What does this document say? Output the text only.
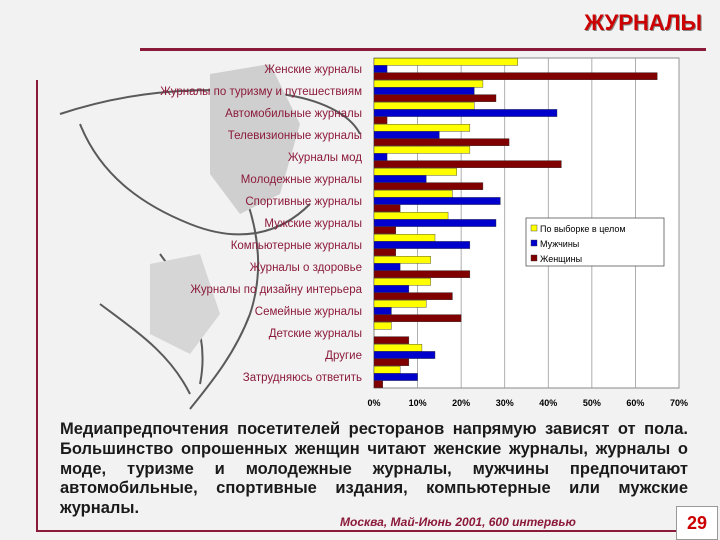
ЖУРНАЛЫ
Женские журналы
Журналы по туризму и путешествиям
Автомобильные журналы
Телевизионные журналы
Журналы мод
Молодежные журналы
Спортивные журналы
Мужские журналы
Компьютерные журналы
Журналы о здоровье
Журналы по дизайну интерьера
Семейные журналы
Детские журналы
Другие
Затрудняюсь ответить
0%	10%	20%	30%	40%	50%	60%	70%
По выборке в целом
Мужчины
Женщины
Медиапредпочтения посетителей ресторанов напрямую зависят от пола. Большинство опрошенных женщин читают женские журналы, журналы о моде, туризме и молодежные журналы, мужчины предпочитают автомобильные, спортивные издания, компьютерные или мужские журналы.
Москва, Май-Июнь 2001, 600 интервью	29
